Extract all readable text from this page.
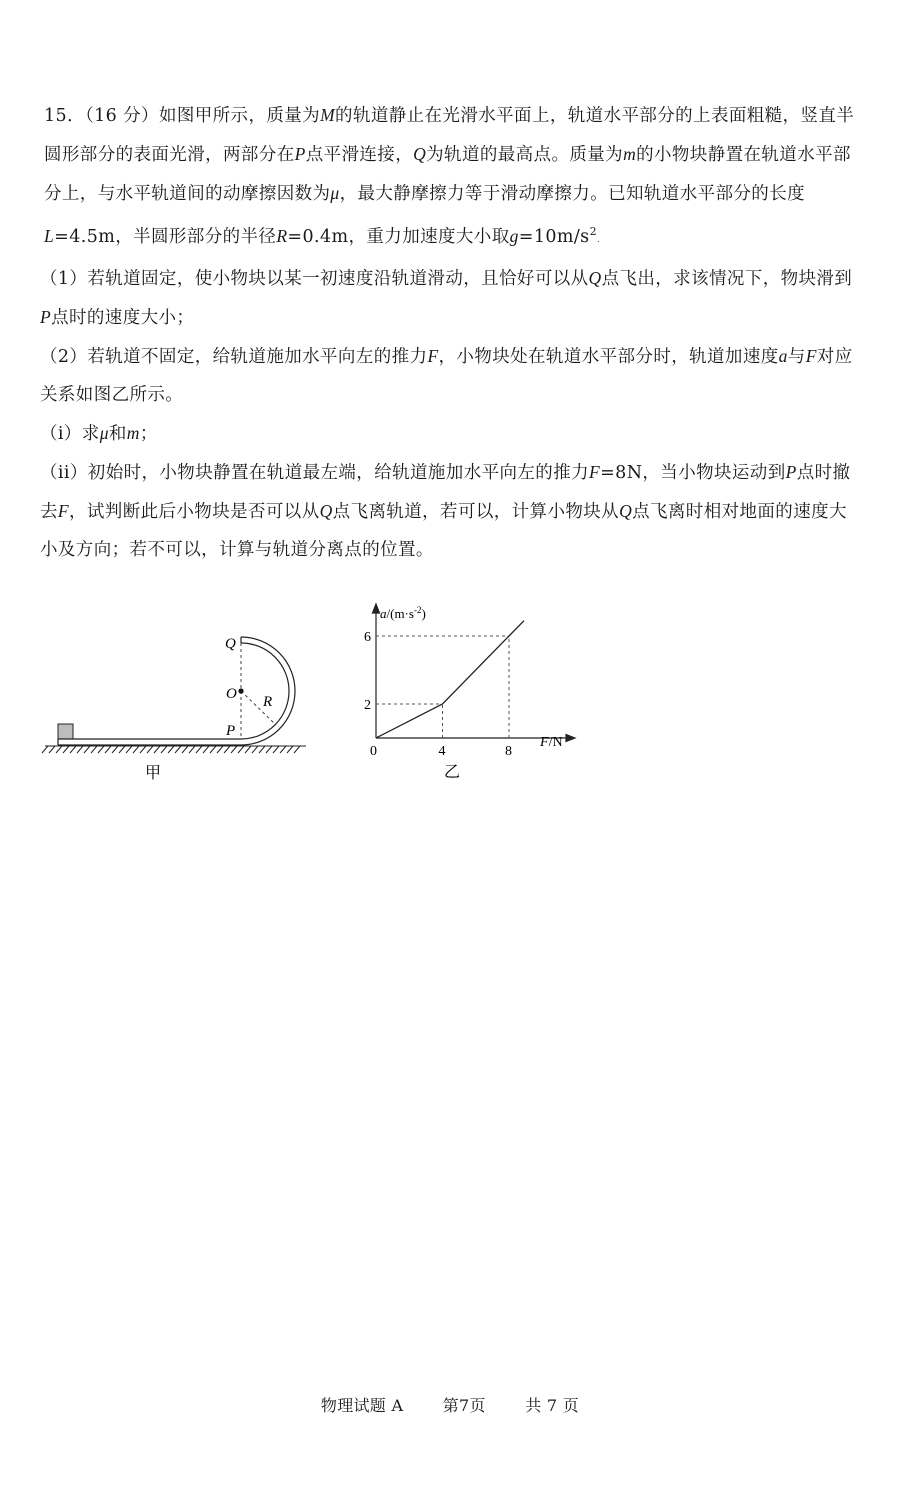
15．（16 分）如图甲所示，质量为M的轨道静止在光滑水平面上，轨道水平部分的上表面粗糙，竖直半圆形部分的表面光滑，两部分在P点平滑连接，Q为轨道的最高点。质量为m的小物块静置在轨道水平部分上，与水平轨道间的动摩擦因数为μ，最大静摩擦力等于滑动摩擦力。已知轨道水平部分的长度L=4.5m，半圆形部分的半径R=0.4m，重力加速度大小取$g=10m/s^2$.

（1）若轨道固定，使小物块以某一初速度沿轨道滑动，且恰好可以从Q点飞出，求该情况下，物块滑到P点时的速度大小；

（2）若轨道不固定，给轨道施加水平向左的推力F，小物块处在轨道水平部分时，轨道加速度a与F对应关系如图乙所示。

（i）求μ和m；

（ii）初始时，小物块静置在轨道最左端，给轨道施加水平向左的推力F=8N，当小物块运动到P点时撤去F，试判断此后小物块是否可以从Q点飞离轨道，若可以，计算小物块从Q点飞离时相对地面的速度大小及方向；若不可以，计算与轨道分离点的位置。

Q
O R
P
甲
4	8
2
6
0
$a/(m\cdot s^{-2})$
F/N
乙
物理试题 A 第7页 共 7 页
